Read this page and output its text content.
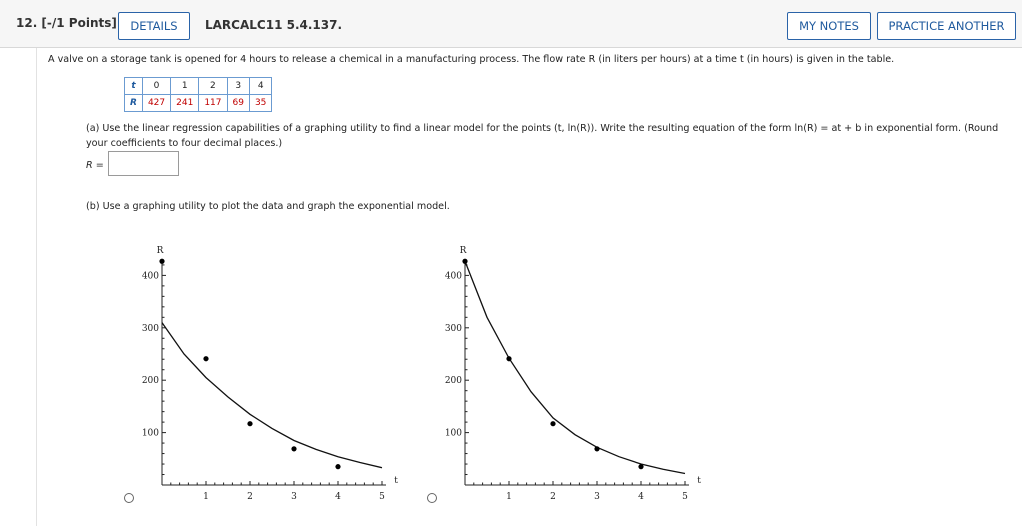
12. [-/1 Points]	DETAILS	LARCALC11 5.4.137.	MY NOTES	PRACTICE ANOTHER
A valve on a storage tank is opened for 4 hours to release a chemical in a manufacturing process. The flow rate R (in liters per hours) at a time t (in hours) is given in the table.
t	0	1	2	3	4
R	427	241	117	69	35
(a) Use the linear regression capabilities of a graphing utility to find a linear model for the points (t, ln(R)). Write the resulting equation of the form ln(R) = at + b in exponential form. (Round
your coefficients to four decimal places.)
R =
(b) Use a graphing utility to plot the data and graph the exponential model.
R
t
1	2	3	4	5
100
200
300
400
R
t
1	2	3	4	5
100
200
300
400
